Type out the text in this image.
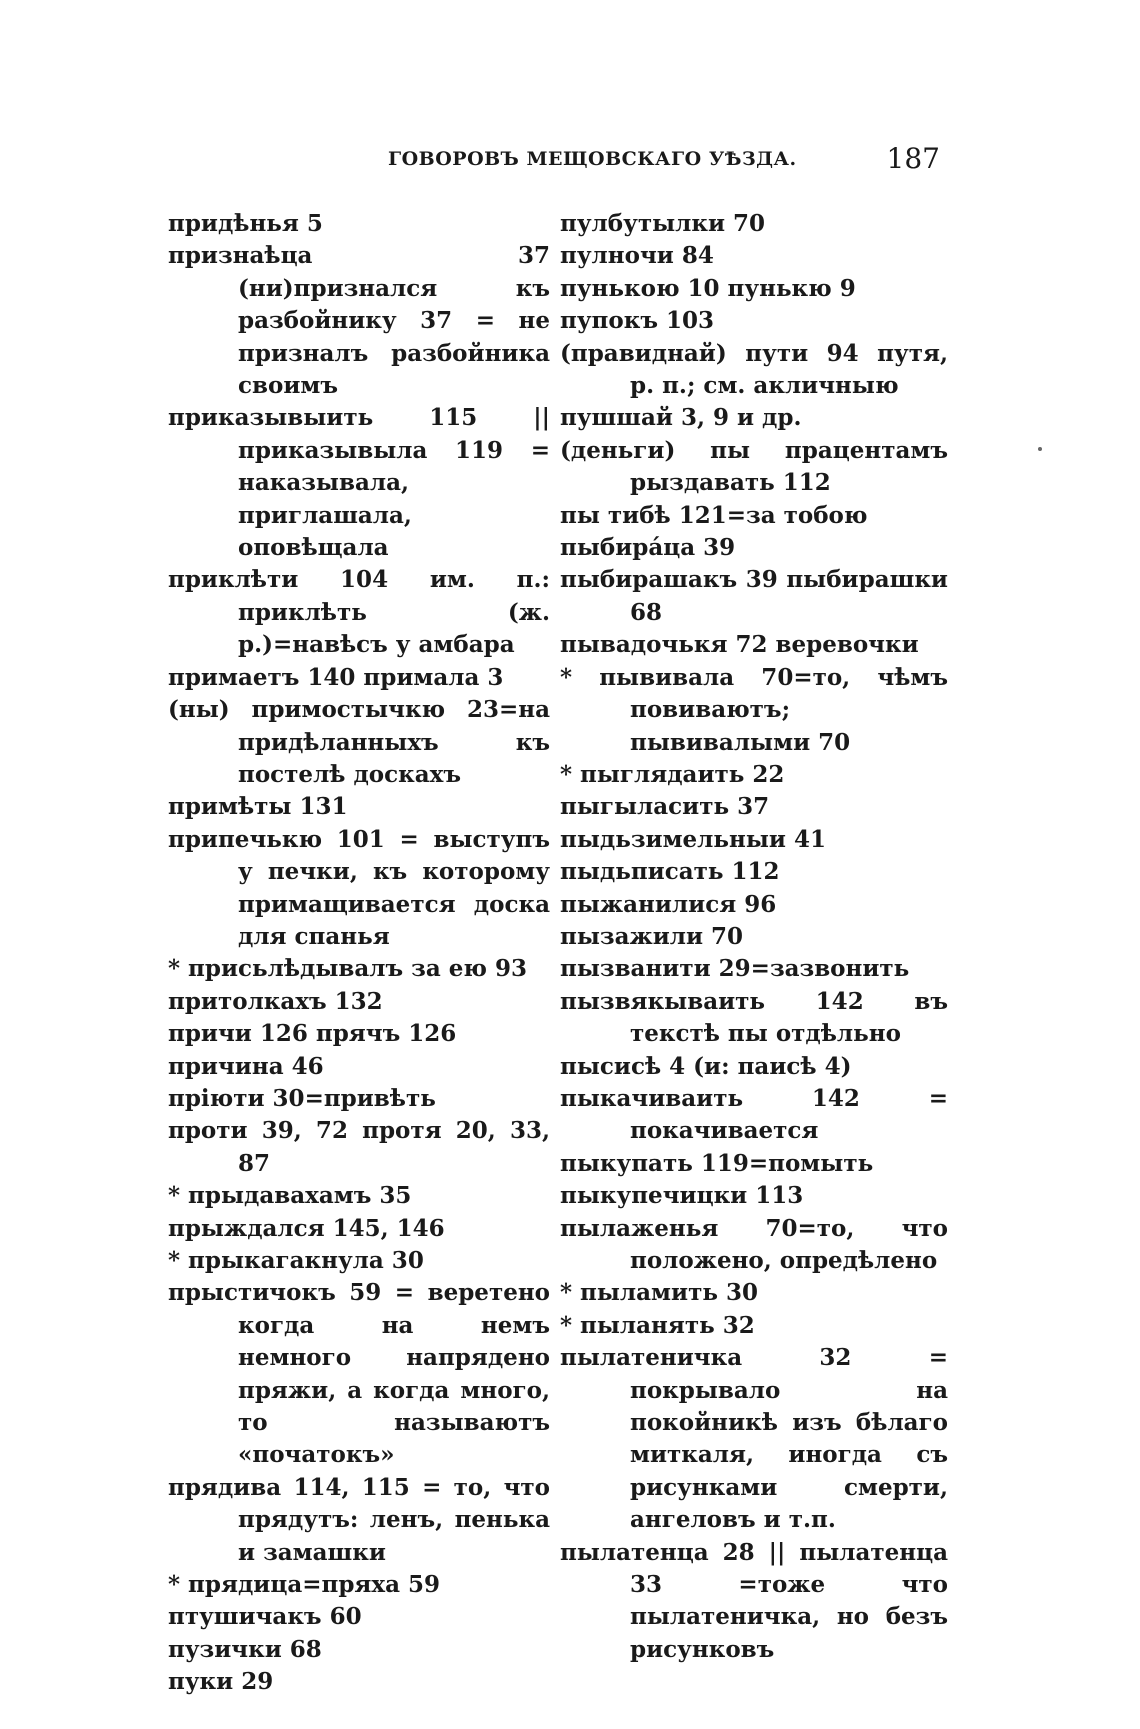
ГОВОРОВЪ МЕЩОВСКАГО УѢЗДА.	187
придѣнья 5
признаѣца 37 (ни)признался къ разбойнику 37 = не призналъ разбойника своимъ
приказывыить 115 || приказывыла 119 = наказывала, приглашала, оповѣщала
приклѣти 104 им. п.: приклѣть (ж. р.)=навѣсъ у амбара
примаетъ 140 примала 3
(ны) примостычкю 23=на придѣланныхъ къ постелѣ доскахъ
примѣты 131
припечькю 101 = выступъ у печки, къ которому примащивается доска для спанья
* присьлѣдывалъ за ею 93
притолкахъ 132
причи 126 прячъ 126
причина 46
пріюти 30=привѣть
проти 39, 72 протя 20, 33, 87
* прыдавахамъ 35
прыждался 145, 146
* прыкагакнула 30
прыстичокъ 59 = веретено когда на немъ немного напрядено пряжи, а когда много, то называютъ «початокъ»
прядива 114, 115 = то, что прядутъ: ленъ, пенька и замашки
* прядица=пряха 59
птушичакъ 60
пузички 68
пуки 29
пулбутылки 70
пулночи 84
пунькою 10 пунькю 9
пупокъ 103
(правиднай) пути 94 путя, р. п.; см. акличныю
пушшай 3, 9 и др.
(деньги) пы працентамъ рыздавать 112
пы тибѣ 121=за тобою
пыбирáца 39
пыбирашакъ 39 пыбирашки 68
пывадочькя 72 веревочки
* пывивала 70=то, чѣмъ повиваютъ; пывивалыми 70
* пыглядаить 22
пыгыласить 37
пыдьзимельныи 41
пыдьписать 112
пыжанилися 96
пызажили 70
пызванити 29=зазвонить
пызвякываить 142 въ текстѣ пы отдѣльно
пысисѣ 4 (и: паисѣ 4)
пыкачиваить 142 = покачивается
пыкупать 119=помыть
пыкупечицки 113
пылаженья 70=то, что положено, опредѣлено
* пыламить 30
* пыланять 32
пылатеничка 32 = покрывало на покойникѣ изъ бѣлаго миткаля, иногда съ рисунками смерти, ангеловъ и т.п.
пылатенца 28 || пылатенца 33 =тоже что пылатеничка, но безъ рисунковъ
